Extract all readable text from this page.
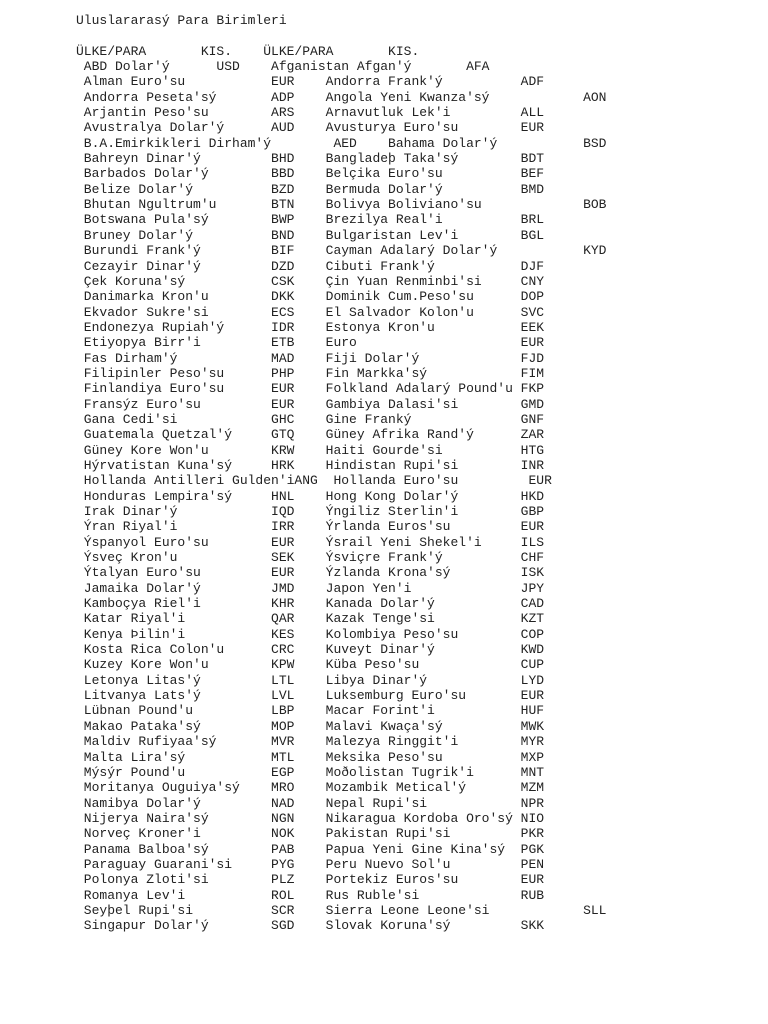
Uluslararasý Para Birimleri
ÜLKE/PARA       KIS.    ÜLKE/PARA       KIS.
ABD Dolar'ý      USD    Afganistan Afgan'ý       AFA
Alman Euro'su           EUR    Andorra Frank'ý          ADF
Andorra Peseta'sý       ADP    Angola Yeni Kwanza'sý            AON
Arjantin Peso'su        ARS    Arnavutluk Lek'i         ALL
Avustralya Dolar'ý      AUD    Avusturya Euro'su        EUR
B.A.Emirkikleri Dirham'ý        AED    Bahama Dolar'ý           BSD
Bahreyn Dinar'ý         BHD    Bangladeþ Taka'sý        BDT
Barbados Dolar'ý        BBD    Belçika Euro'su          BEF
Belize Dolar'ý          BZD    Bermuda Dolar'ý          BMD
Bhutan Ngultrum'u       BTN    Bolivya Boliviano'su             BOB
Botswana Pula'sý        BWP    Brezilya Real'i          BRL
Bruney Dolar'ý          BND    Bulgaristan Lev'i        BGL
Burundi Frank'ý         BIF    Cayman Adalarý Dolar'ý           KYD
Cezayir Dinar'ý         DZD    Cibuti Frank'ý           DJF
Çek Koruna'sý           CSK    Çin Yuan Renminbi'si     CNY
Danimarka Kron'u        DKK    Dominik Cum.Peso'su      DOP
Ekvador Sukre'si        ECS    El Salvador Kolon'u      SVC
Endonezya Rupiah'ý      IDR    Estonya Kron'u           EEK
Etiyopya Birr'i         ETB    Euro                     EUR
Fas Dirham'ý            MAD    Fiji Dolar'ý             FJD
Filipinler Peso'su      PHP    Fin Markka'sý            FIM
Finlandiya Euro'su      EUR    Folkland Adalarý Pound'u FKP
Fransýz Euro'su         EUR    Gambiya Dalasi'si        GMD
Gana Cedi'si            GHC    Gine Franký              GNF
Guatemala Quetzal'ý     GTQ    Güney Afrika Rand'ý      ZAR
Güney Kore Won'u        KRW    Haiti Gourde'si          HTG
Hýrvatistan Kuna'sý     HRK    Hindistan Rupi'si        INR
Hollanda Antilleri Gulden'iANG  Hollanda Euro'su         EUR
Honduras Lempira'sý     HNL    Hong Kong Dolar'ý        HKD
Irak Dinar'ý            IQD    Ýngiliz Sterlin'i        GBP
Ýran Riyal'i            IRR    Ýrlanda Euros'su         EUR
Ýspanyol Euro'su        EUR    Ýsrail Yeni Shekel'i     ILS
Ýsveç Kron'u            SEK    Ýsviçre Frank'ý          CHF
Ýtalyan Euro'su         EUR    Ýzlanda Krona'sý         ISK
Jamaika Dolar'ý         JMD    Japon Yen'i              JPY
Kamboçya Riel'i         KHR    Kanada Dolar'ý           CAD
Katar Riyal'i           QAR    Kazak Tenge'si           KZT
Kenya Þilin'i           KES    Kolombiya Peso'su        COP
Kosta Rica Colon'u      CRC    Kuveyt Dinar'ý           KWD
Kuzey Kore Won'u        KPW    Küba Peso'su             CUP
Letonya Litas'ý         LTL    Libya Dinar'ý            LYD
Litvanya Lats'ý         LVL    Luksemburg Euro'su       EUR
Lübnan Pound'u          LBP    Macar Forint'i           HUF
Makao Pataka'sý         MOP    Malavi Kwaça'sý          MWK
Maldiv Rufiyaa'sý       MVR    Malezya Ringgit'i        MYR
Malta Lira'sý           MTL    Meksika Peso'su          MXP
Mýsýr Pound'u           EGP    Moðolistan Tugrik'i      MNT
Moritanya Ouguiya'sý    MRO    Mozambik Metical'ý       MZM
Namibya Dolar'ý         NAD    Nepal Rupi'si            NPR
Nijerya Naira'sý        NGN    Nikaragua Kordoba Oro'sý NIO
Norveç Kroner'i         NOK    Pakistan Rupi'si         PKR
Panama Balboa'sý        PAB    Papua Yeni Gine Kina'sý  PGK
Paraguay Guarani'si     PYG    Peru Nuevo Sol'u         PEN
Polonya Zloti'si        PLZ    Portekiz Euros'su        EUR
Romanya Lev'i           ROL    Rus Ruble'si             RUB
Seyþel Rupi'si          SCR    Sierra Leone Leone'si            SLL
Singapur Dolar'ý        SGD    Slovak Koruna'sý         SKK
